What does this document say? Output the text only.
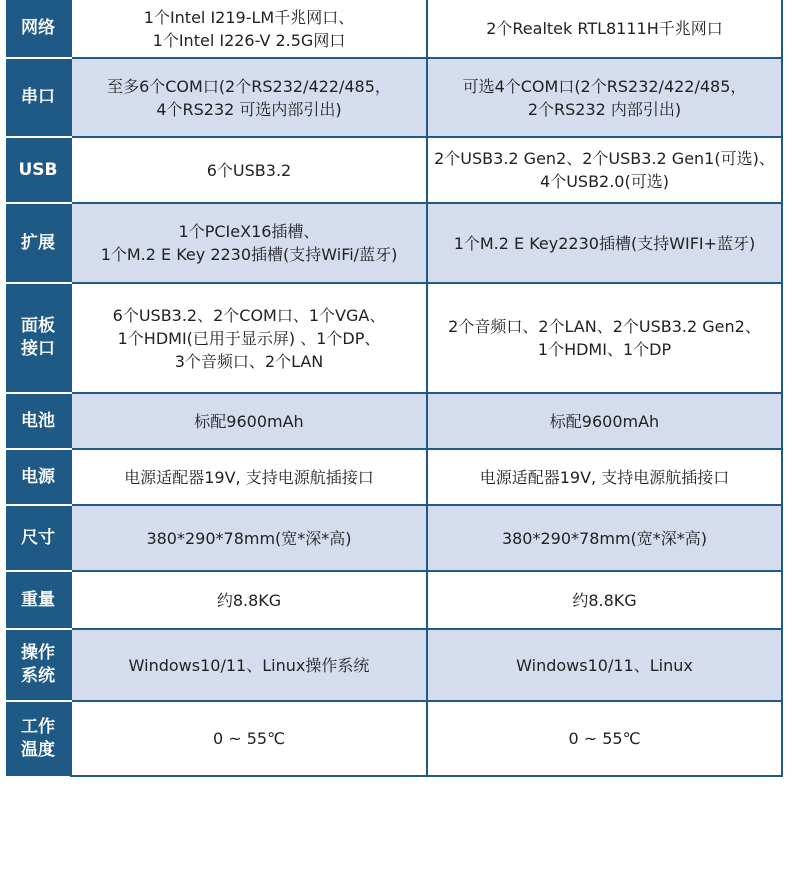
网络	1个Intel I219-LM千兆网口、
1个Intel I226-V 2.5G网口	2个Realtek RTL8111H千兆网口
串口	至多6个COM口(2个RS232/422/485，
4个RS232 可选内部引出)	可选4个COM口(2个RS232/422/485，
2个RS232 内部引出)
USB	6个USB3.2	2个USB3.2 Gen2、2个USB3.2 Gen1(可选)、
4个USB2.0(可选)
扩展	1个PCIeX16插槽、
1个M.2 E Key 2230插槽(支持WiFi/蓝牙)	1个M.2 E Key2230插槽(支持WIFI+蓝牙)
面板
接口	6个USB3.2、2个COM口、1个VGA、
1个HDMI(已用于显示屏) 、1个DP、
3个音频口、2个LAN	2个音频口、2个LAN、2个USB3.2 Gen2、
1个HDMI、1个DP
电池	标配9600mAh	标配9600mAh
电源	电源适配器19V, 支持电源航插接口	电源适配器19V, 支持电源航插接口
尺寸	380*290*78mm(宽*深*高)	380*290*78mm(宽*深*高)
重量	约8.8KG	约8.8KG
操作
系统	Windows10/11、Linux操作系统	Windows10/11、Linux
工作
温度	0 ~ 55℃	0 ~ 55℃
